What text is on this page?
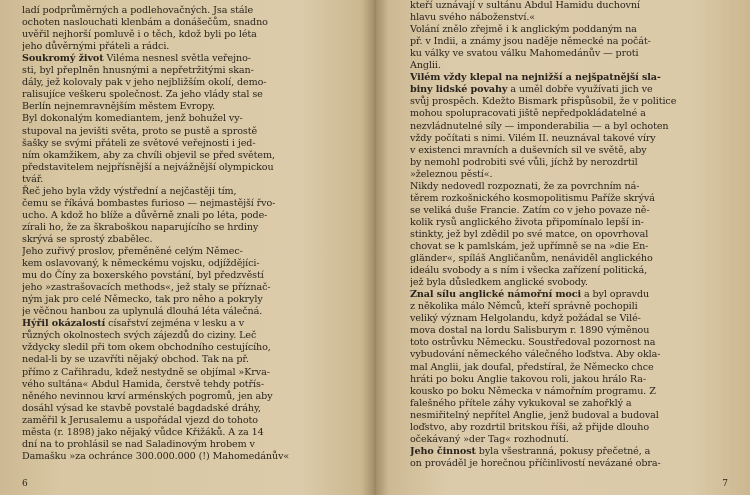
ladí podprůměrných a podlehovačných. Jsa stále
ochoten naslouchati klenbám a donášečům, snadno
uvěřil nejhorší pomluvě i o těch, kdož byli po léta
jeho důvěrnými přáteli a rádci.
Soukromý život Viléma nesnesl světla veřejno-
sti, byl přeplněn hnusnými a nepřetržitými skan-
dály, jež kolovaly pak v jeho nejbližším okolí, demo-
ralisujíce veškeru společnost. Za jeho vlády stal se
Berlín nejnemravnějším městem Evropy.
Byl dokonalým komediantem, jenž bohužel vy-
stupoval na jevišti světa, proto se pustě a sprostě
šašky se svými přáteli ze světové veřejnosti i jed-
ním okamžikem, aby za chvíli objevil se před světem,
představitelem nejpřísnější a nejvážnější olympickou
tvář.
Řeč jeho byla vždy výstřední a nejčastěji tím,
čemu se říkává bombastes furioso — nejmastější řvo-
ucho. A kdož ho blíže a důvěrně znali po léta, pode-
zírali ho, že za škraboškou naparujícího se hrdiny
skrývá se sprostý zbabělec.
Jeho zuřivý proslov, přeměněné celým Němec-
kem oslavovaný, k německému vojsku, odjíždějíci-
mu do Číny za boxerského povstání, byl předzvěstí
jeho »zastrašovacích methods«, jež staly se příznač-
ným jak pro celé Německo, tak pro něho a pokryly
je věčnou hanbou za uplynulá dlouhá léta válečná.
Hýřil okázalostí císařství zejména v lesku a v
různých okolnostech svých zájezdů do ciziny. Leč
vždycky sledil při tom okem obchodního cestujícího,
nedal-li by se uzavříti nějaký obchod. Tak na př.
přímo z Cařihradu, kdež nestydně se objímal »Krva-
vého sultána« Abdul Hamida, čerstvě tehdy potřís-
něného nevinnou krví arménských pogromů, jen aby
dosáhl výsad ke stavbě povstalé bagdadské dráhy,
zaměřil k Jerusalemu a uspořádal vjezd do tohoto
města (r. 1898) jako nějaký vůdce Křižáků. A za 14
dní na to prohlásil se nad Saladinovým hrobem v
Damašku »za ochránce 300.000.000 (!) Mahomedánův«
6
kteří uznávají v sultánu Abdul Hamidu duchovní
hlavu svého náboženství.«
Volání znělo zřejmě i k anglickým poddaným na
př. v Indii, a známy jsou naděje německé na počát-
ku války ve svatou válku Mahomedánův — proti
Anglii.
Vilém vždy klepal na nejnižší a nejšpatnější sla-
biny lidské povahy a uměl dobře využívati jich ve
svůj prospěch. Kdežto Bismark přispůsobil, že v politice
mohou spolupracovati jiště nepředpokládatelné a
nezvládnutelné síly — imponderabilia — a byl ochoten
vždy počítati s nimi. Vilém II. neuznával takové víry
v existenci mravních a duševních sil ve světě, aby
by nemohl podrobiti své vůli, jíchž by nerozdrtil
»železnou pěstí«.
Nikdy nedovedl rozpoznati, že za povrchním ná-
těrem rozkošnického kosmopolitismu Paříže skrývá
se veliká duše Francie. Zatím co v jeho povaze ně-
kolik rysů anglického života připomínalo lepší in-
stinkty, jež byl zdědil po své matce, on opovrhoval
chovat se k pamlskám, jež upřímně se na »die En-
gländer«, spíláš Angličanům, nenáviděl anglického
ideálu svobody a s ním i všecka zařízení politická,
jež byla důsledkem anglické svobody.
Znal sílu anglické námořní moci a byl opravdu
z několika málo Němců, kteří správně pochopili
veliký význam Helgolandu, když požádal se Vilé-
mova dostal na lordu Salisburym r. 1890 výměnou
toto ostrůvku Německu. Soustředoval pozornost na
vybudování německého válečného loďstva. Aby okla-
mal Anglii, jak doufal, předstíral, že Německo chce
hráti po boku Anglie takovou roli, jakou hrálo Ra-
kousko po boku Německa v námořním programu. Z
falešného přítele záhy vykukoval se zahořklý a
nesmiřitelný nepřítel Anglie, jenž budoval a budoval
loďstvo, aby rozdrtil britskou říši, až přijde dlouho
očekávaný »der Tag« rozhodnutí.
Jeho činnost byla všestranná, pokusy přečetné, a
on prováděl je horečnou příčinlivostí nevázané obra-
7
